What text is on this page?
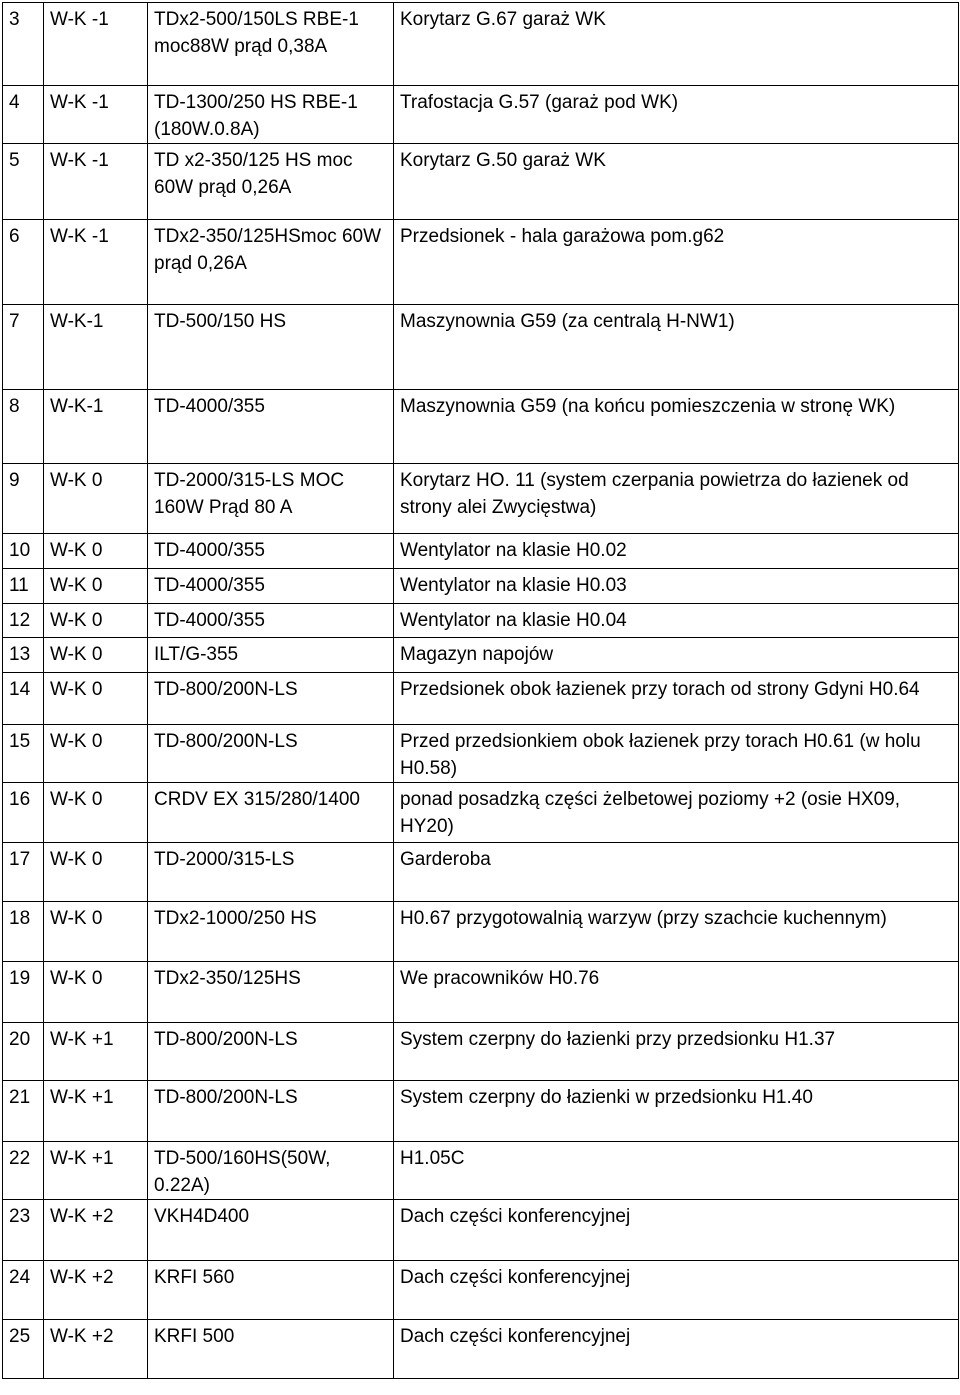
3	W-K -1	TDx2-500/150LS RBE-1 moc88W prąd 0,38A	Korytarz G.67 garaż WK
4	W-K -1	TD-1300/250 HS RBE-1 (180W.0.8A)	Trafostacja G.57 (garaż pod WK)
5	W-K -1	TD x2-350/125 HS moc 60W prąd 0,26A	Korytarz G.50 garaż WK
6	W-K -1	TDx2-350/125HSmoc 60W prąd 0,26A	Przedsionek - hala garażowa pom.g62
7	W-K-1	TD-500/150 HS	Maszynownia G59 (za centralą H-NW1)
8	W-K-1	TD-4000/355	Maszynownia G59 (na końcu pomieszczenia w stronę WK)
9	W-K 0	TD-2000/315-LS MOC 160W Prąd 80 A	Korytarz HO. 11 (system czerpania powietrza do łazienek od strony alei Zwycięstwa)
10	W-K 0	TD-4000/355	Wentylator na klasie H0.02
11	W-K 0	TD-4000/355	Wentylator na klasie H0.03
12	W-K 0	TD-4000/355	Wentylator na klasie H0.04
13	W-K 0	ILT/G-355	Magazyn napojów
14	W-K 0	TD-800/200N-LS	Przedsionek obok łazienek przy torach od strony Gdyni H0.64
15	W-K 0	TD-800/200N-LS	Przed przedsionkiem obok łazienek przy torach H0.61 (w holu H0.58)
16	W-K 0	CRDV EX 315/280/1400	ponad posadzką części żelbetowej poziomy +2 (osie HX09, HY20)
17	W-K 0	TD-2000/315-LS	Garderoba
18	W-K 0	TDx2-1000/250 HS	H0.67 przygotowalnią warzyw (przy szachcie kuchennym)
19	W-K 0	TDx2-350/125HS	We pracowników H0.76
20	W-K +1	TD-800/200N-LS	System czerpny do łazienki przy przedsionku H1.37
21	W-K +1	TD-800/200N-LS	System czerpny do łazienki w przedsionku H1.40
22	W-K +1	TD-500/160HS(50W, 0.22A)	H1.05C
23	W-K +2	VKH4D400	Dach części konferencyjnej
24	W-K +2	KRFI 560	Dach części konferencyjnej
25	W-K +2	KRFI 500	Dach części konferencyjnej
